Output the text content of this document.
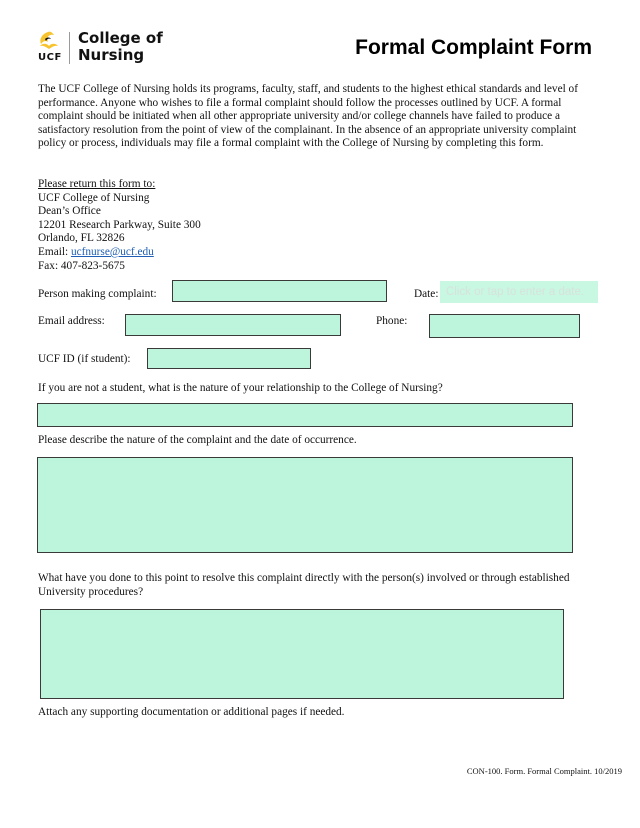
UCF
College of
Nursing	Formal Complaint Form
The UCF College of Nursing holds its programs, faculty, staff, and students to the highest ethical standards and level of performance. Anyone who wishes to file a formal complaint should follow the processes outlined by UCF. A formal complaint should be initiated when all other appropriate university and/or college channels have failed to produce a satisfactory resolution from the point of view of the complainant. In the absence of an appropriate university complaint policy or process, individuals may file a formal complaint with the College of Nursing by completing this form.
Please return this form to:
UCF College of Nursing
Dean’s Office
12201 Research Parkway, Suite 300
Orlando, FL 32826
Email: ucfnurse@ucf.edu
Fax: 407-823-5675
Person making complaint:	Date: Click or tap to enter a date.
Email address:	Phone:
UCF ID (if student):
If you are not a student, what is the nature of your relationship to the College of Nursing?
Please describe the nature of the complaint and the date of occurrence.
What have you done to this point to resolve this complaint directly with the person(s) involved or through established University procedures?
Attach any supporting documentation or additional pages if needed.
CON-100. Form. Formal Complaint. 10/2019
